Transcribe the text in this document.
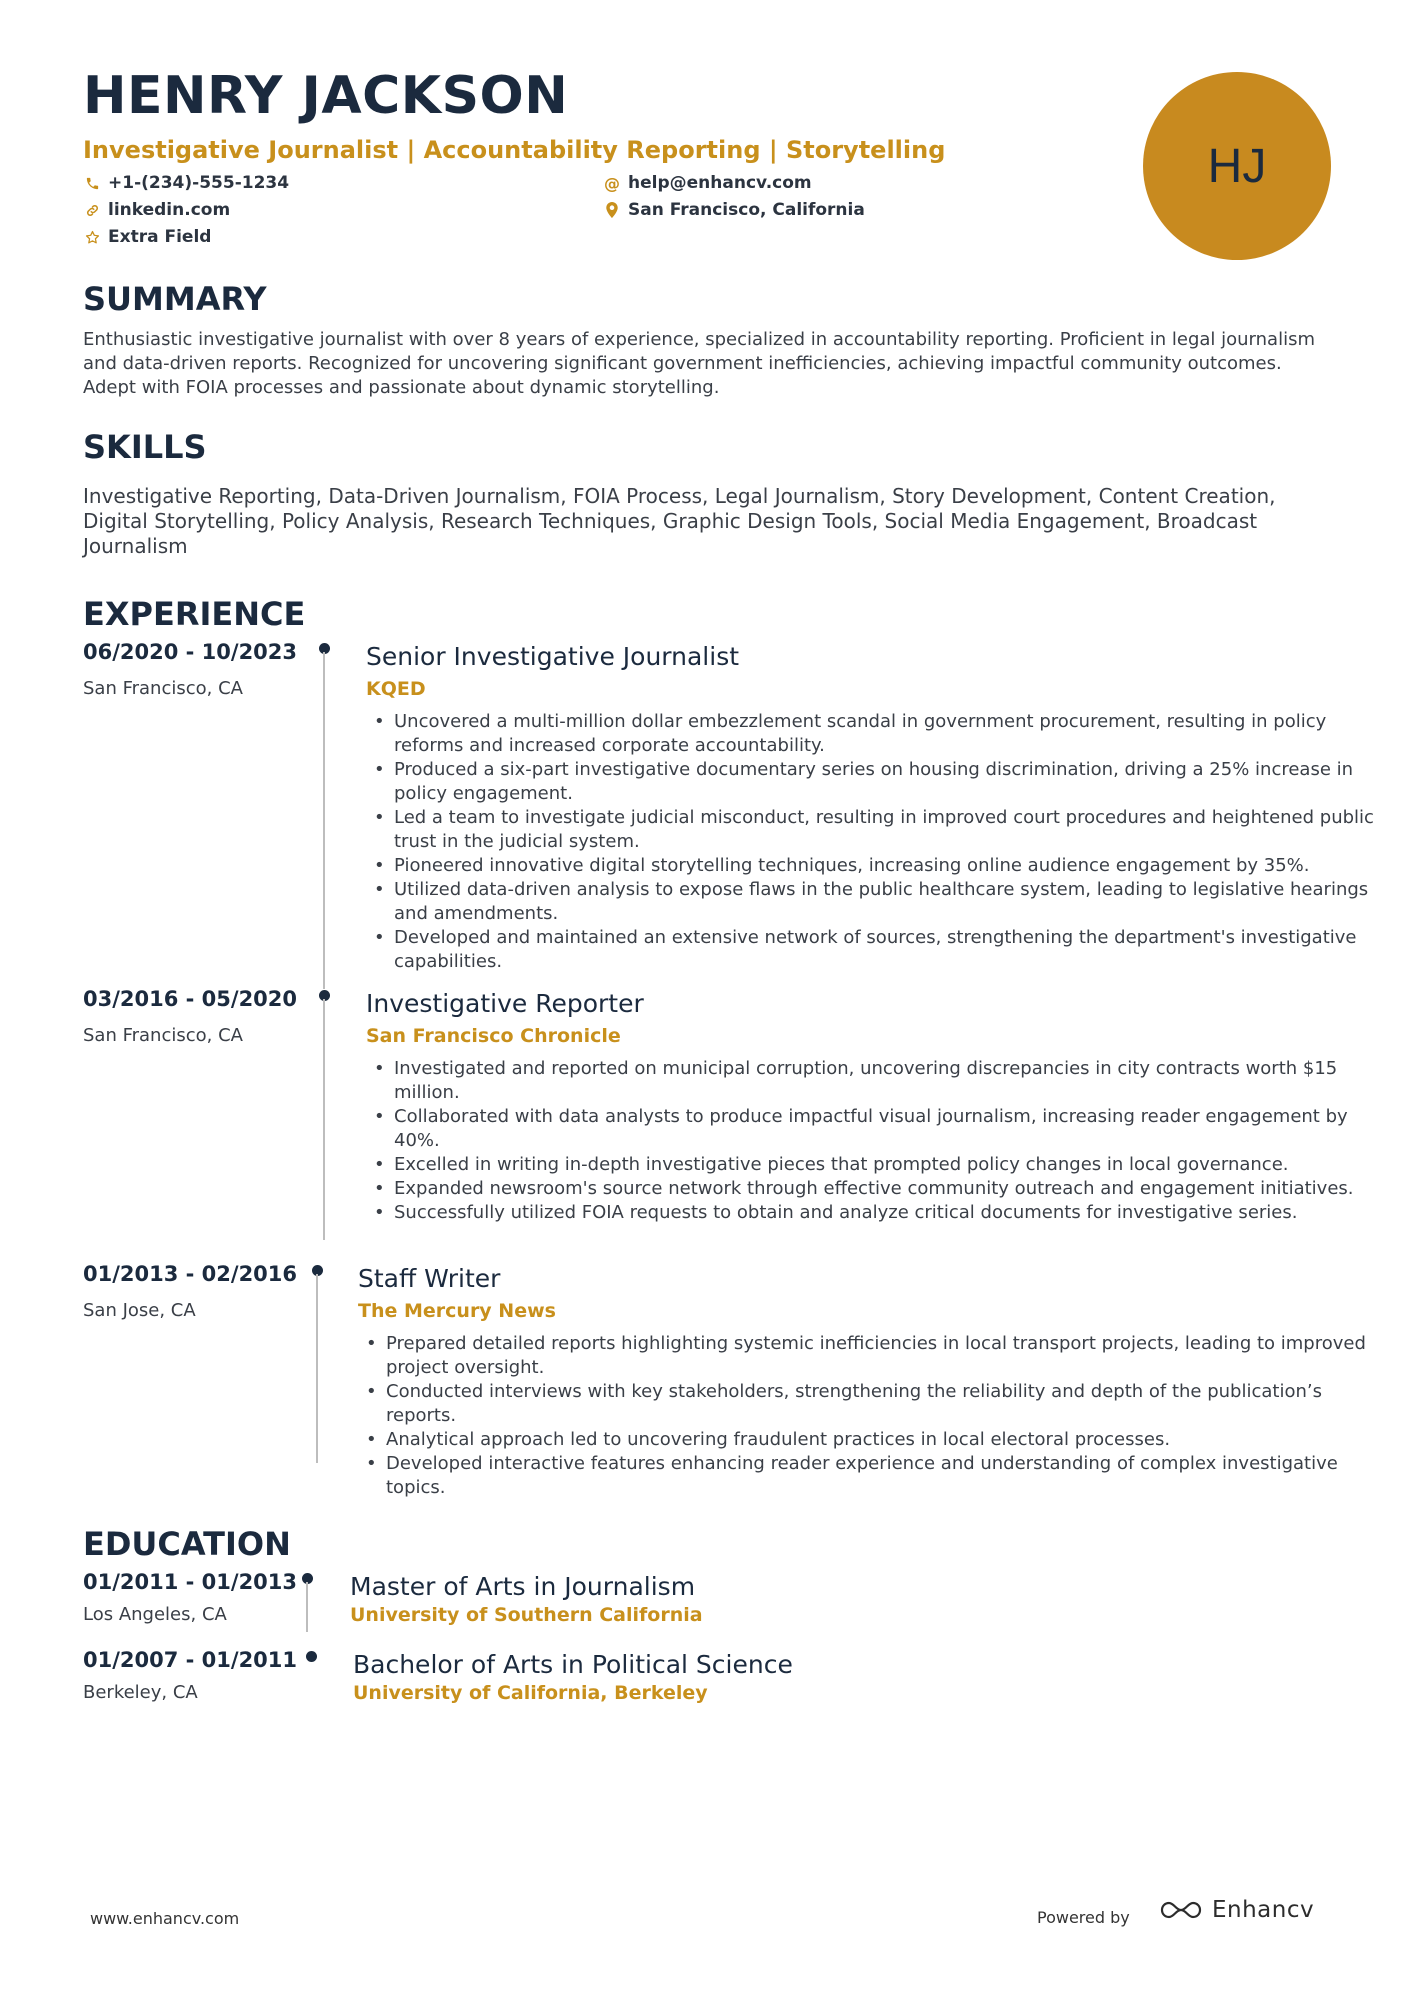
HENRY JACKSON
Investigative Journalist | Accountability Reporting | Storytelling
+1-(234)-555-1234	@ help@enhancv.com
linkedin.com	San Francisco, California
Extra Field
HJ
SUMMARY
Enthusiastic investigative journalist with over 8 years of experience, specialized in accountability reporting. Proficient in legal journalism and data-driven reports. Recognized for uncovering significant government inefficiencies, achieving impactful community outcomes. Adept with FOIA processes and passionate about dynamic storytelling.
SKILLS
Investigative Reporting, Data-Driven Journalism, FOIA Process, Legal Journalism, Story Development, Content Creation, Digital Storytelling, Policy Analysis, Research Techniques, Graphic Design Tools, Social Media Engagement, Broadcast Journalism
EXPERIENCE
06/2020 - 10/2023
San Francisco, CA
Senior Investigative Journalist
KQED
• Uncovered a multi-million dollar embezzlement scandal in government procurement, resulting in policy reforms and increased corporate accountability.
• Produced a six-part investigative documentary series on housing discrimination, driving a 25% increase in policy engagement.
• Led a team to investigate judicial misconduct, resulting in improved court procedures and heightened public trust in the judicial system.
• Pioneered innovative digital storytelling techniques, increasing online audience engagement by 35%.
• Utilized data-driven analysis to expose flaws in the public healthcare system, leading to legislative hearings and amendments.
• Developed and maintained an extensive network of sources, strengthening the department's investigative capabilities.
03/2016 - 05/2020
San Francisco, CA
Investigative Reporter
San Francisco Chronicle
• Investigated and reported on municipal corruption, uncovering discrepancies in city contracts worth $15 million.
• Collaborated with data analysts to produce impactful visual journalism, increasing reader engagement by 40%.
• Excelled in writing in-depth investigative pieces that prompted policy changes in local governance.
• Expanded newsroom's source network through effective community outreach and engagement initiatives.
• Successfully utilized FOIA requests to obtain and analyze critical documents for investigative series.
01/2013 - 02/2016
San Jose, CA
Staff Writer
The Mercury News
• Prepared detailed reports highlighting systemic inefficiencies in local transport projects, leading to improved project oversight.
• Conducted interviews with key stakeholders, strengthening the reliability and depth of the publication’s reports.
• Analytical approach led to uncovering fraudulent practices in local electoral processes.
• Developed interactive features enhancing reader experience and understanding of complex investigative topics.
EDUCATION
01/2011 - 01/2013
Los Angeles, CA
Master of Arts in Journalism
University of Southern California
01/2007 - 01/2011
Berkeley, CA
Bachelor of Arts in Political Science
University of California, Berkeley
www.enhancv.com	Powered by	Enhancv
